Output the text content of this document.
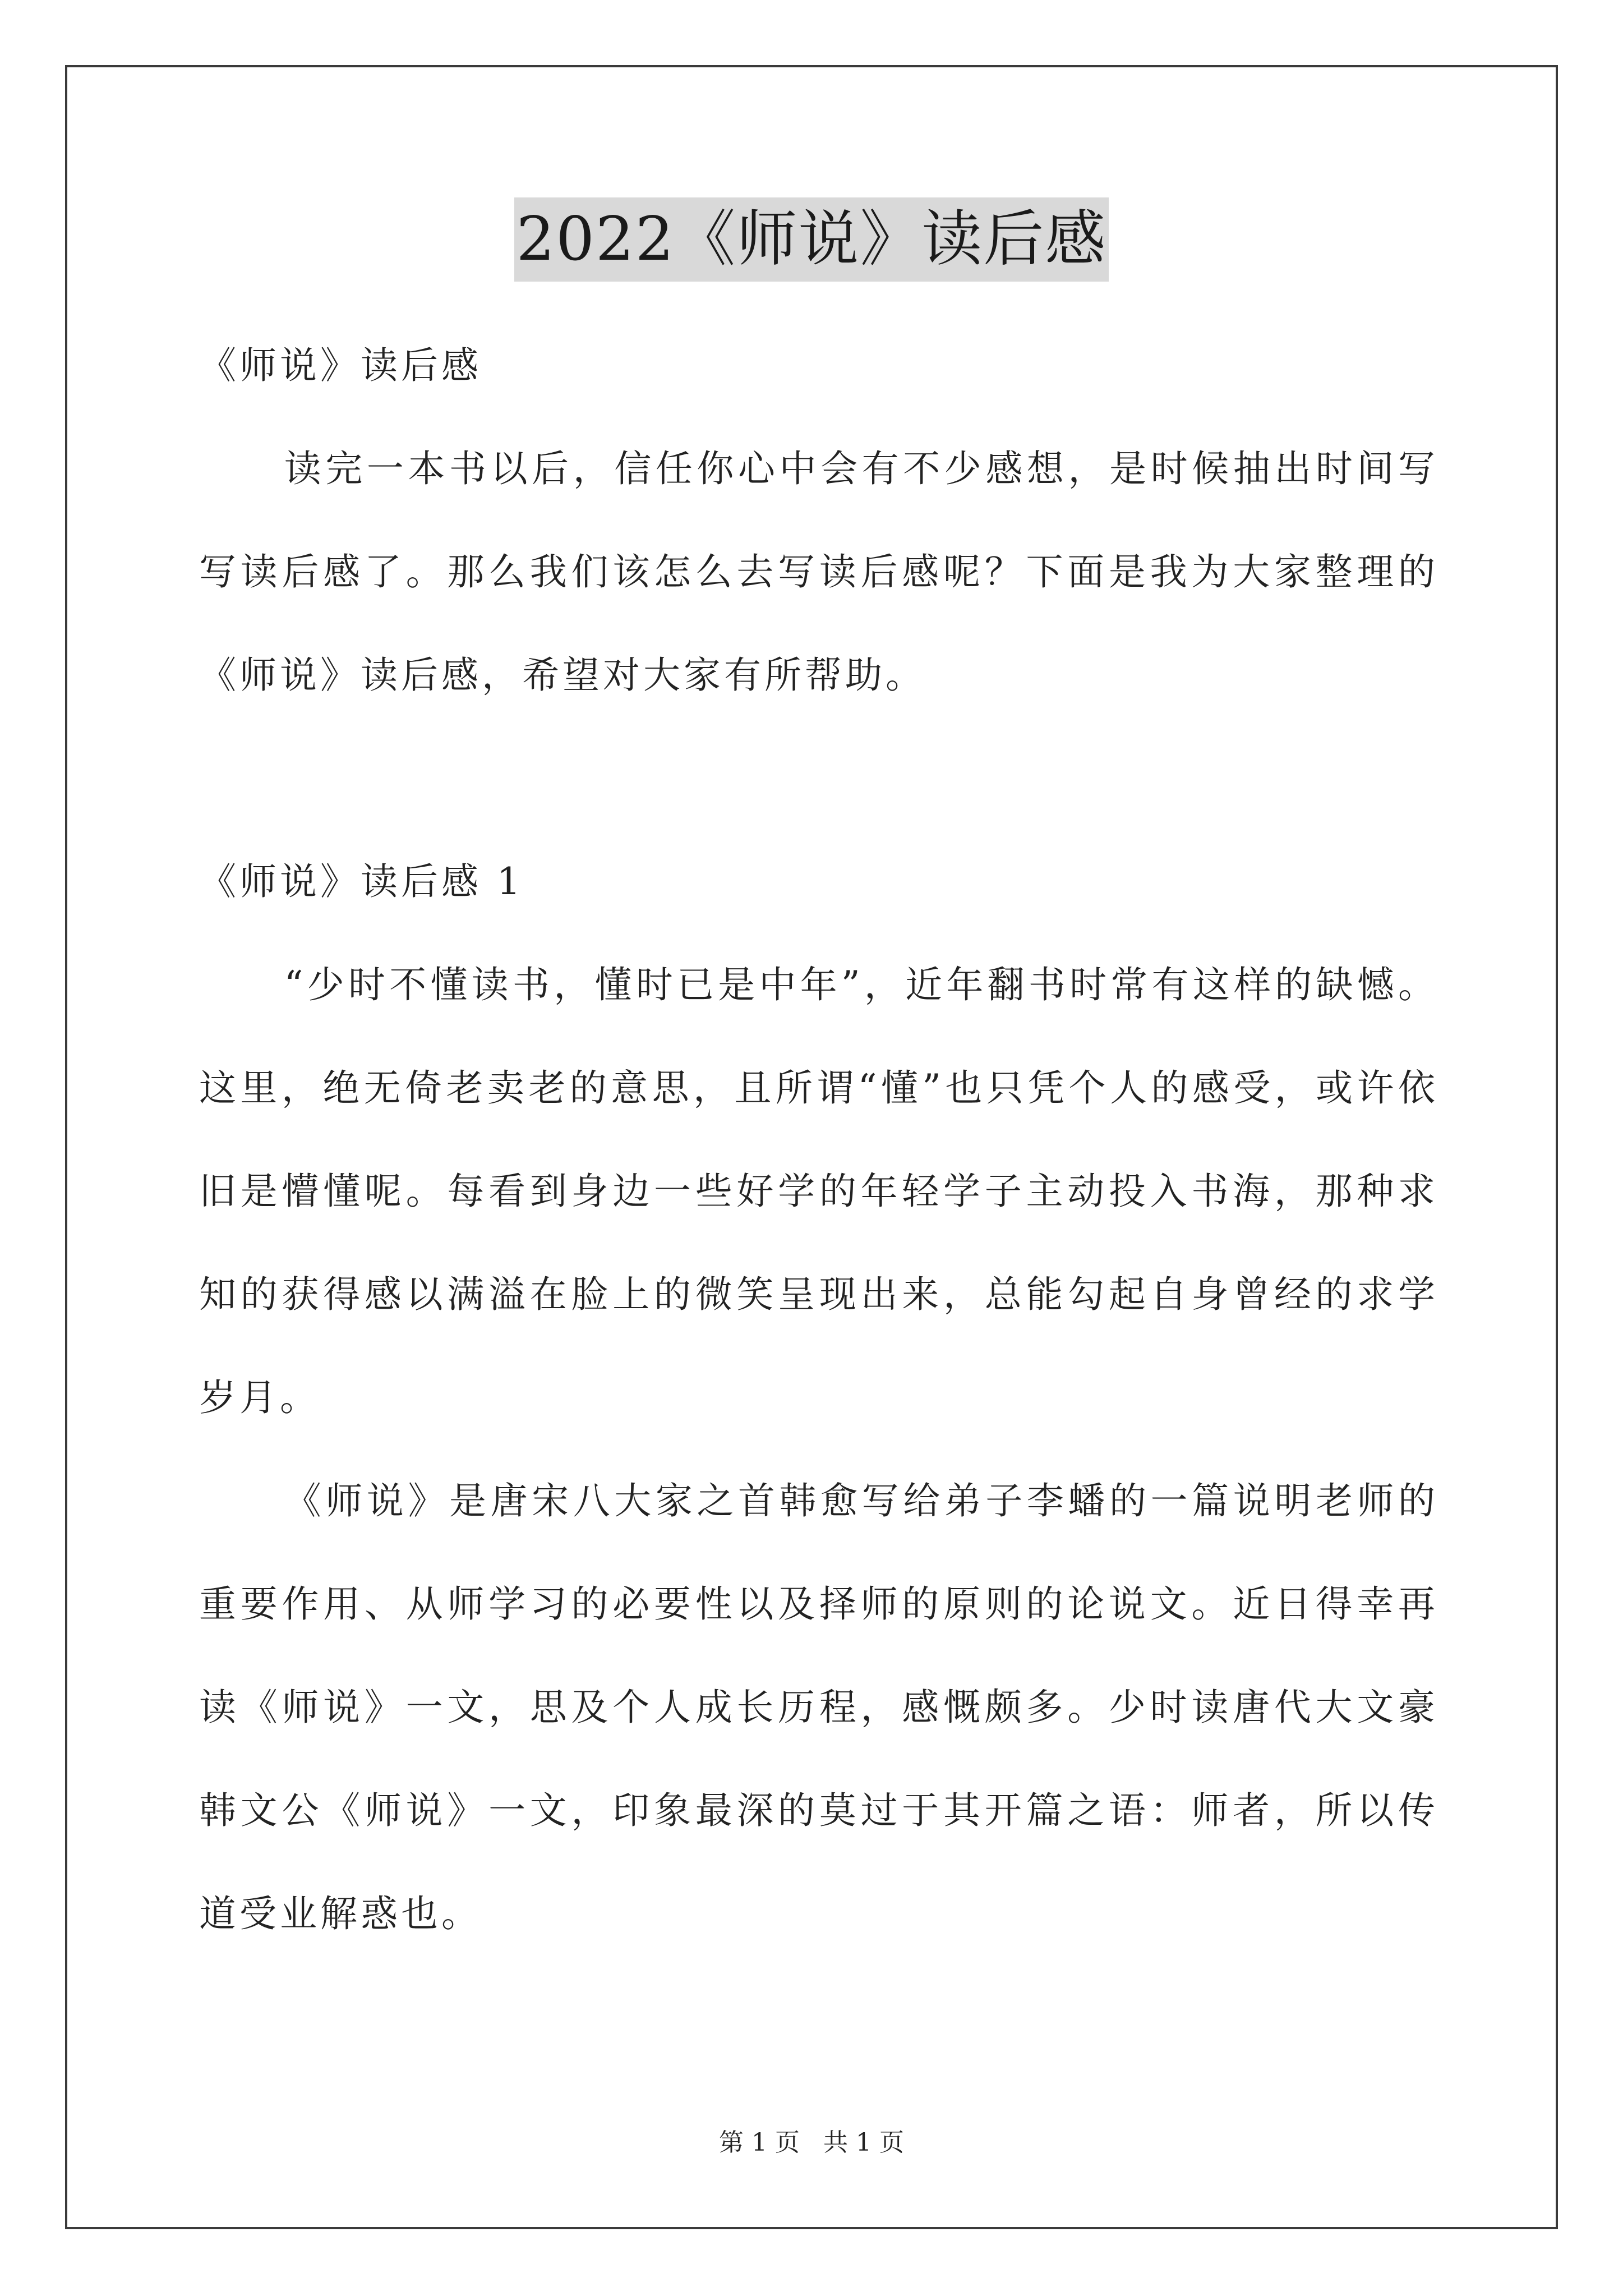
2022《师说》读后感

《师说》读后感

读完一本书以后，信任你心中会有不少感想，是时候抽出时间写写读后感了。那么我们该怎么去写读后感呢？下面是我为大家整理的《师说》读后感，希望对大家有所帮助。

《师说》读后感 1

“少时不懂读书，懂时已是中年”，近年翻书时常有这样的缺憾。这里，绝无倚老卖老的意思，且所谓“懂”也只凭个人的感受，或许依旧是懵懂呢。每看到身边一些好学的年轻学子主动投入书海，那种求知的获得感以满溢在脸上的微笑呈现出来，总能勾起自身曾经的求学岁月。

《师说》是唐宋八大家之首韩愈写给弟子李蟠的一篇说明老师的重要作用、从师学习的必要性以及择师的原则的论说文。近日得幸再读《师说》一文，思及个人成长历程，感慨颇多。少时读唐代大文豪韩文公《师说》一文，印象最深的莫过于其开篇之语：师者，所以传道受业解惑也。

第 1 页   共 1 页
